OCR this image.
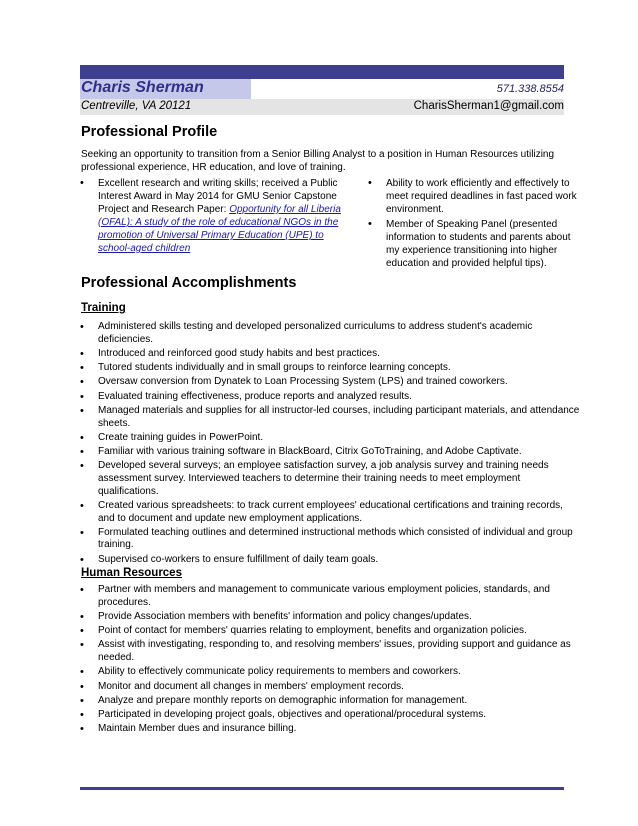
Charis Sherman	571.338.8554
Centreville, VA 20121	CharisSherman1@gmail.com
Professional Profile
Seeking an opportunity to transition from a Senior Billing Analyst to a position in Human Resources utilizing professional experience, HR education, and love of training.
• Excellent research and writing skills; received a Public Interest Award in May 2014 for GMU Senior Capstone Project and Research Paper: Opportunity for all Liberia (OFAL): A study of the role of educational NGOs in the promotion of Universal Primary Education (UPE) to school-aged children
• Ability to work efficiently and effectively to meet required deadlines in fast paced work environment.
• Member of Speaking Panel (presented information to students and parents about my experience transitioning into higher education and provided helpful tips).
Professional Accomplishments
Training
• Administered skills testing and developed personalized curriculums to address student's academic deficiencies.
• Introduced and reinforced good study habits and best practices.
• Tutored students individually and in small groups to reinforce learning concepts.
• Oversaw conversion from Dynatek to Loan Processing System (LPS) and trained coworkers.
• Evaluated training effectiveness, produce reports and analyzed results.
• Managed materials and supplies for all instructor-led courses, including participant materials, and attendance sheets.
• Create training guides in PowerPoint.
• Familiar with various training software in BlackBoard, Citrix GoToTraining, and Adobe Captivate.
• Developed several surveys; an employee satisfaction survey, a job analysis survey and training needs assessment survey. Interviewed teachers to determine their training needs to meet employment qualifications.
• Created various spreadsheets: to track current employees' educational certifications and training records, and to document and update new employment applications.
• Formulated teaching outlines and determined instructional methods which consisted of individual and group training.
• Supervised co-workers to ensure fulfillment of daily team goals.
Human Resources
• Partner with members and management to communicate various employment policies, standards, and procedures.
• Provide Association members with benefits' information and policy changes/updates.
• Point of contact for members' quarries relating to employment, benefits and organization policies.
• Assist with investigating, responding to, and resolving members' issues, providing support and guidance as needed.
• Ability to effectively communicate policy requirements to members and coworkers.
• Monitor and document all changes in members' employment records.
• Analyze and prepare monthly reports on demographic information for management.
• Participated in developing project goals, objectives and operational/procedural systems.
• Maintain Member dues and insurance billing.
